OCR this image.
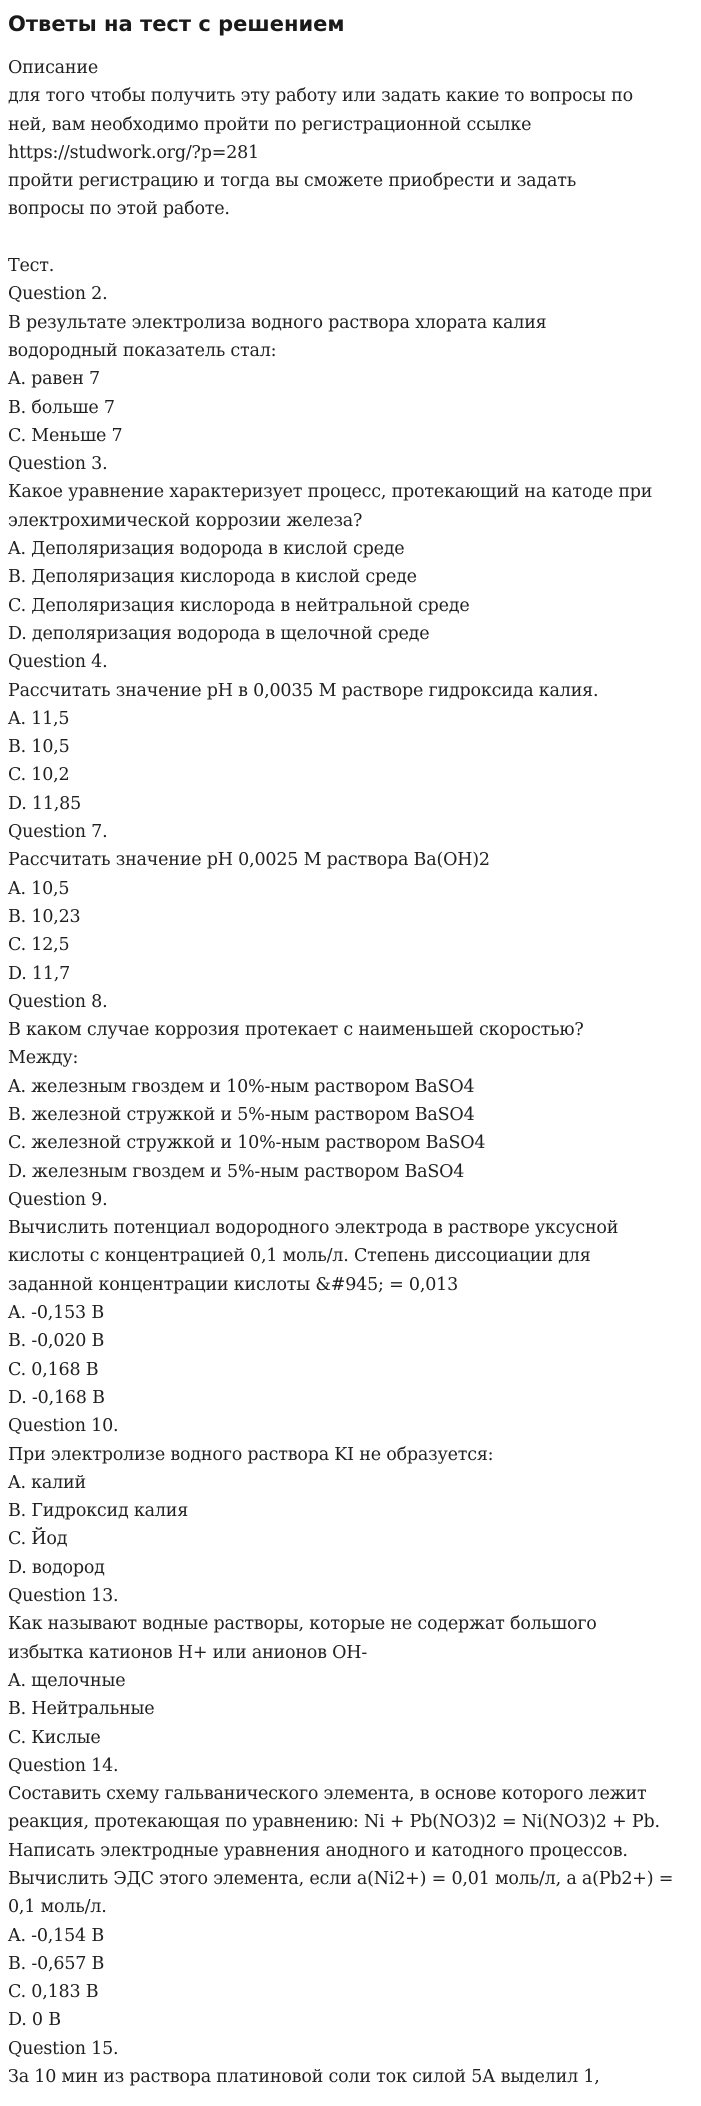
Ответы на тест с решением
Описание
для того чтобы получить эту работу или задать какие то вопросы по
ней, вам необходимо пройти по регистрационной ссылке
https://studwork.org/?p=281
пройти регистрацию и тогда вы сможете приобрести и задать
вопросы по этой работе.
Тест.
Question 2.
В результате электролиза водного раствора хлората калия
водородный показатель стал:
A. равен 7
B. больше 7
C. Меньше 7
Question 3.
Какое уравнение характеризует процесс, протекающий на катоде при
электрохимической коррозии железа?
A. Деполяризация водорода в кислой среде
B. Деполяризация кислорода в кислой среде
C. Деполяризация кислорода в нейтральной среде
D. деполяризация водорода в щелочной среде
Question 4.
Рассчитать значение pH в 0,0035 М растворе гидроксида калия.
A. 11,5
B. 10,5
C. 10,2
D. 11,85
Question 7.
Рассчитать значение рН 0,0025 М раствора Ba(OH)2
A. 10,5
B. 10,23
C. 12,5
D. 11,7
Question 8.
В каком случае коррозия протекает с наименьшей скоростью?
Между:
A. железным гвоздем и 10%-ным раствором BaSO4
B. железной стружкой и 5%-ным раствором BaSO4
C. железной стружкой и 10%-ным раствором BaSO4
D. железным гвоздем и 5%-ным раствором BaSO4
Question 9.
Вычислить потенциал водородного электрода в растворе уксусной
кислоты с концентрацией 0,1 моль/л. Степень диссоциации для
заданной концентрации кислоты &#945; = 0,013
A. -0,153 В
B. -0,020 В
C. 0,168 В
D. -0,168 В
Question 10.
При электролизе водного раствора KI не образуется:
A. калий
B. Гидроксид калия
C. Йод
D. водород
Question 13.
Как называют водные растворы, которые не содержат большого
избытка катионов Н+ или анионов ОН-
A. щелочные
B. Нейтральные
C. Кислые
Question 14.
Составить схему гальванического элемента, в основе которого лежит
реакция, протекающая по уравнению: Ni + Pb(NO3)2 = Ni(NO3)2 + Pb.
Написать электродные уравнения анодного и катодного процессов.
Вычислить ЭДС этого элемента, если a(Ni2+) = 0,01 моль/л, а a(Pb2+) =
0,1 моль/л.
A. -0,154 В
B. -0,657 В
C. 0,183 В
D. 0 В
Question 15.
За 10 мин из раствора платиновой соли ток силой 5А выделил 1,
